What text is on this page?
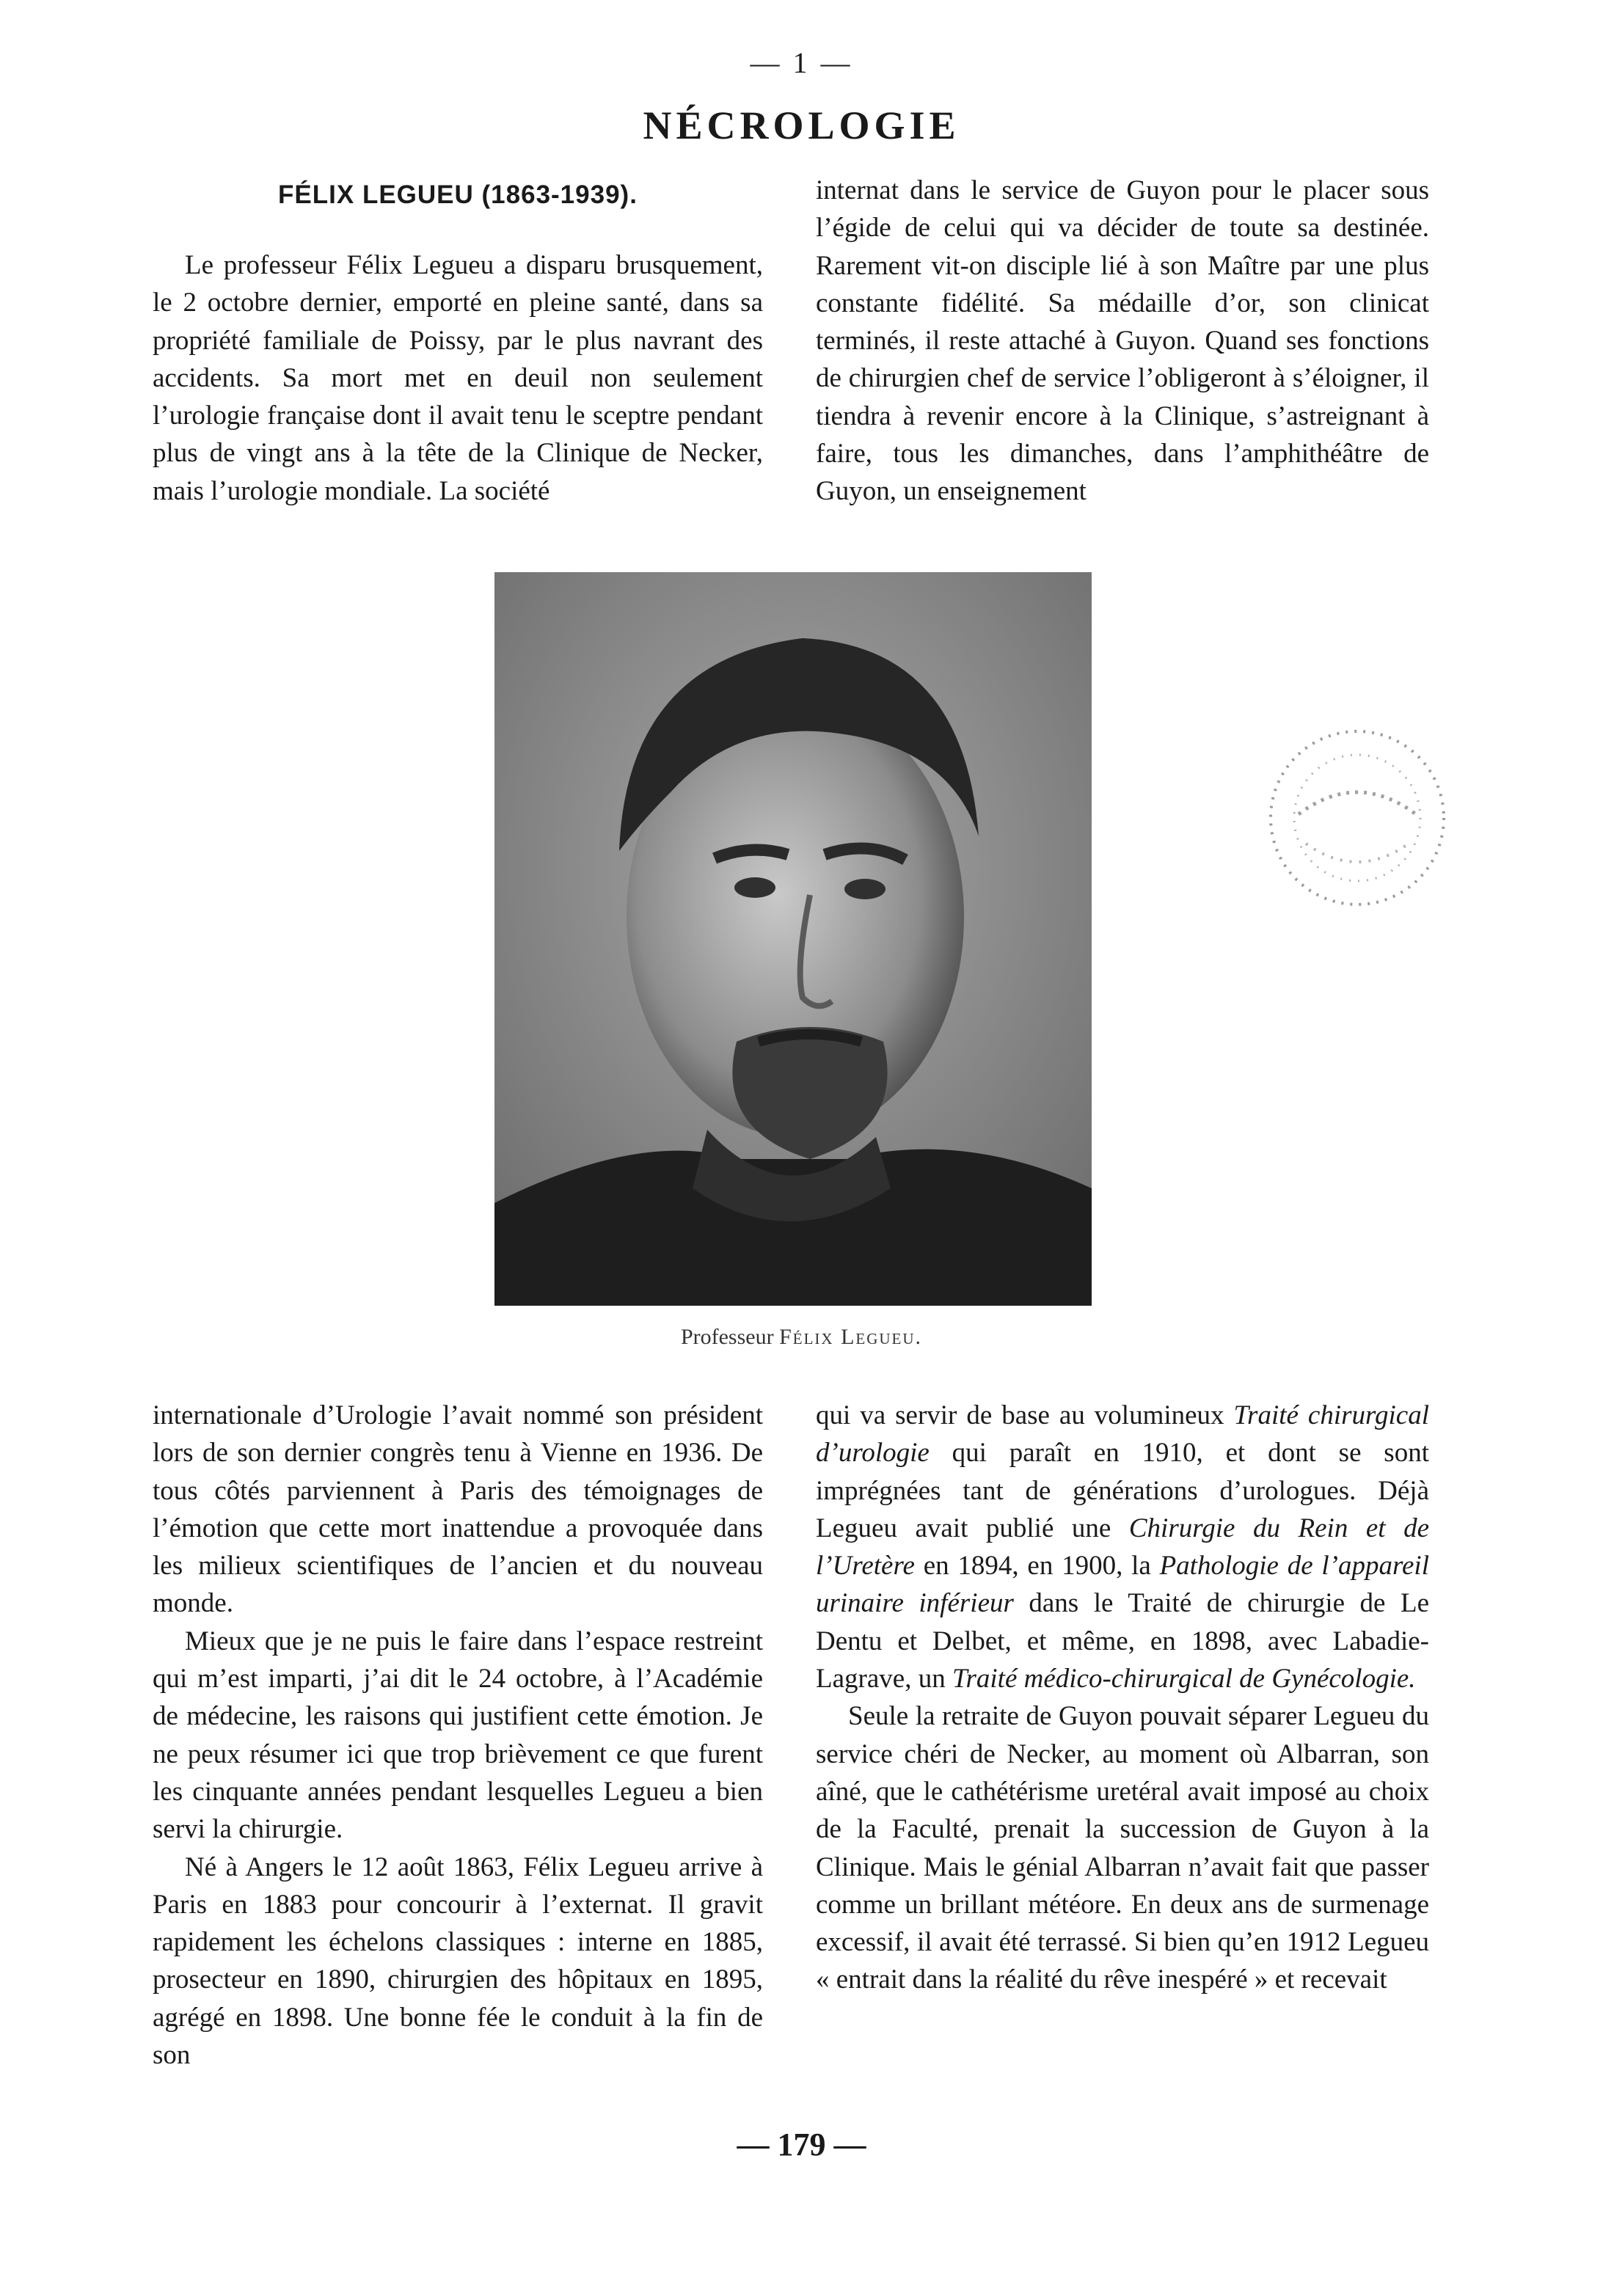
— 1 —
NÉCROLOGIE
FÉLIX LEGUEU (1863-1939).

Le professeur Félix Legueu a disparu brusquement, le 2 octobre dernier, emporté en pleine santé, dans sa propriété familiale de Poissy, par le plus navrant des accidents. Sa mort met en deuil non seulement l’urologie française dont il avait tenu le sceptre pendant plus de vingt ans à la tête de la Clinique de Necker, mais l’urologie mondiale. La société

internat dans le service de Guyon pour le placer sous l’égide de celui qui va décider de toute sa destinée. Rarement vit-on disciple lié à son Maître par une plus constante fidélité. Sa médaille d’or, son clinicat terminés, il reste attaché à Guyon. Quand ses fonctions de chirurgien chef de service l’obligeront à s’éloigner, il tiendra à revenir encore à la Clinique, s’astreignant à faire, tous les dimanches, dans l’amphithéâtre de Guyon, un enseignement

Professeur Félix Legueu.

internationale d’Urologie l’avait nommé son président lors de son dernier congrès tenu à Vienne en 1936. De tous côtés parviennent à Paris des témoignages de l’émotion que cette mort inattendue a provoquée dans les milieux scientifiques de l’ancien et du nouveau monde.

Mieux que je ne puis le faire dans l’espace restreint qui m’est imparti, j’ai dit le 24 octobre, à l’Académie de médecine, les raisons qui justifient cette émotion. Je ne peux résumer ici que trop brièvement ce que furent les cinquante années pendant lesquelles Legueu a bien servi la chirurgie.

Né à Angers le 12 août 1863, Félix Legueu arrive à Paris en 1883 pour concourir à l’externat. Il gravit rapidement les échelons classiques : interne en 1885, prosecteur en 1890, chirurgien des hôpitaux en 1895, agrégé en 1898. Une bonne fée le conduit à la fin de son

qui va servir de base au volumineux Traité chirurgical d’urologie qui paraît en 1910, et dont se sont imprégnées tant de générations d’urologues. Déjà Legueu avait publié une Chirurgie du Rein et de l’Uretère en 1894, en 1900, la Pathologie de l’appareil urinaire inférieur dans le Traité de chirurgie de Le Dentu et Delbet, et même, en 1898, avec Labadie-Lagrave, un Traité médico-chirurgical de Gynécologie.

Seule la retraite de Guyon pouvait séparer Legueu du service chéri de Necker, au moment où Albarran, son aîné, que le cathétérisme uretéral avait imposé au choix de la Faculté, prenait la succession de Guyon à la Clinique. Mais le génial Albarran n’avait fait que passer comme un brillant météore. En deux ans de surmenage excessif, il avait été terrassé. Si bien qu’en 1912 Legueu « entrait dans la réalité du rêve inespéré » et recevait

— 179 —
